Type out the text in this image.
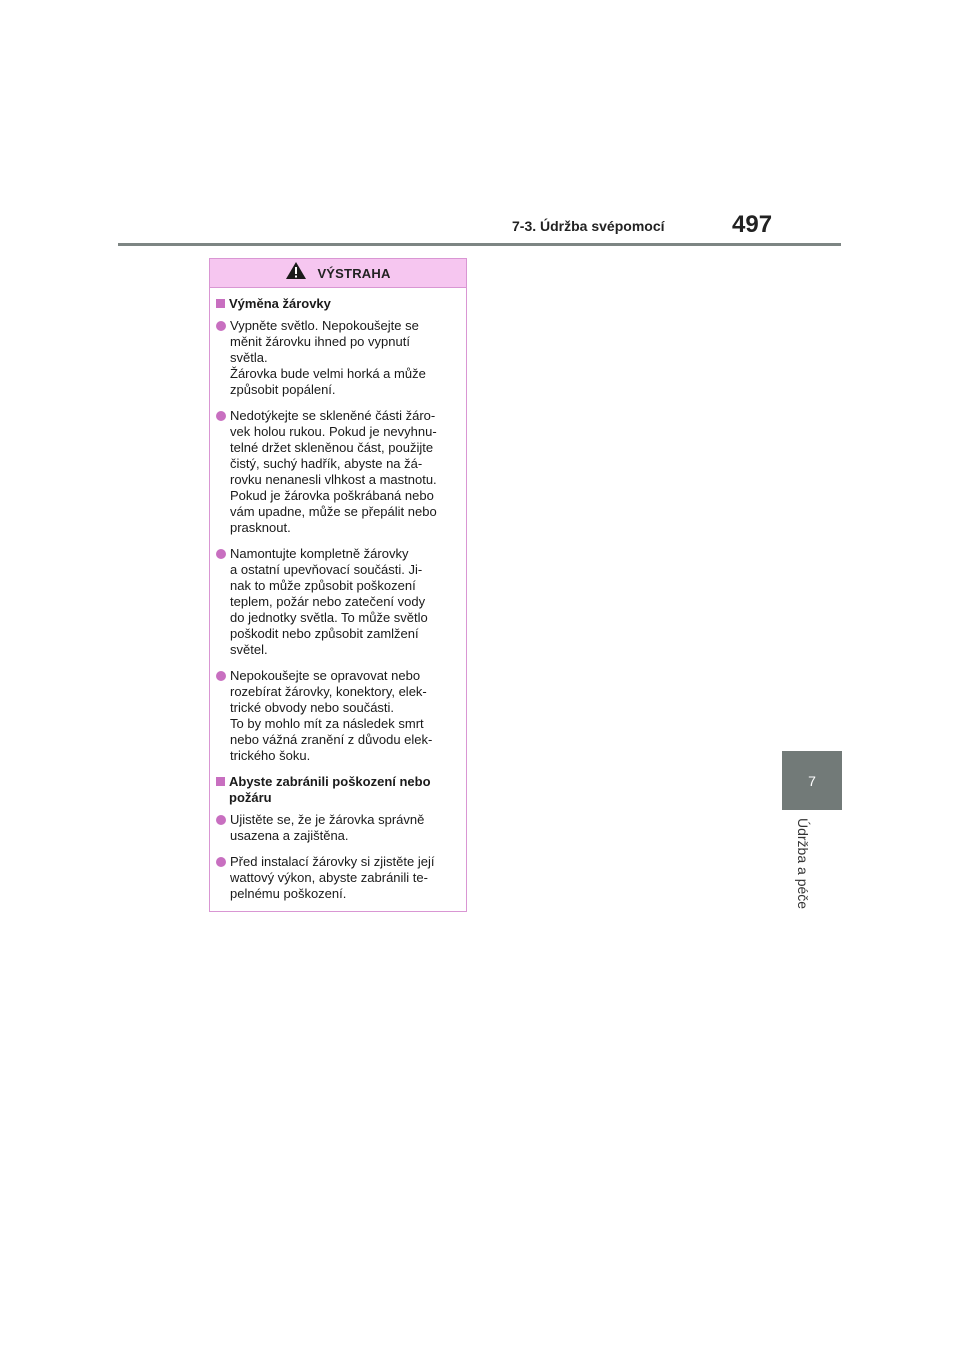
7-3. Údržba svépomocí	497
7
Údržba a péče
VÝSTRAHA
Výměna žárovky
Vypněte světlo. Nepokoušejte se
měnit žárovku ihned po vypnutí
světla.
Žárovka bude velmi horká a může
způsobit popálení.
Nedotýkejte se skleněné části žáro-
vek holou rukou. Pokud je nevyhnu-
telné držet skleněnou část, použijte
čistý, suchý hadřík, abyste na žá-
rovku nenanesli vlhkost a mastnotu.
Pokud je žárovka poškrábaná nebo
vám upadne, může se přepálit nebo
prasknout.
Namontujte kompletně žárovky
a ostatní upevňovací součásti. Ji-
nak to může způsobit poškození
teplem, požár nebo zatečení vody
do jednotky světla. To může světlo
poškodit nebo způsobit zamlžení
světel.
Nepokoušejte se opravovat nebo
rozebírat žárovky, konektory, elek-
trické obvody nebo součásti.
To by mohlo mít za následek smrt
nebo vážná zranění z důvodu elek-
trického šoku.
Abyste zabránili poškození nebo
požáru
Ujistěte se, že je žárovka správně
usazena a zajištěna.
Před instalací žárovky si zjistěte její
wattový výkon, abyste zabránili te-
pelnému poškození.
